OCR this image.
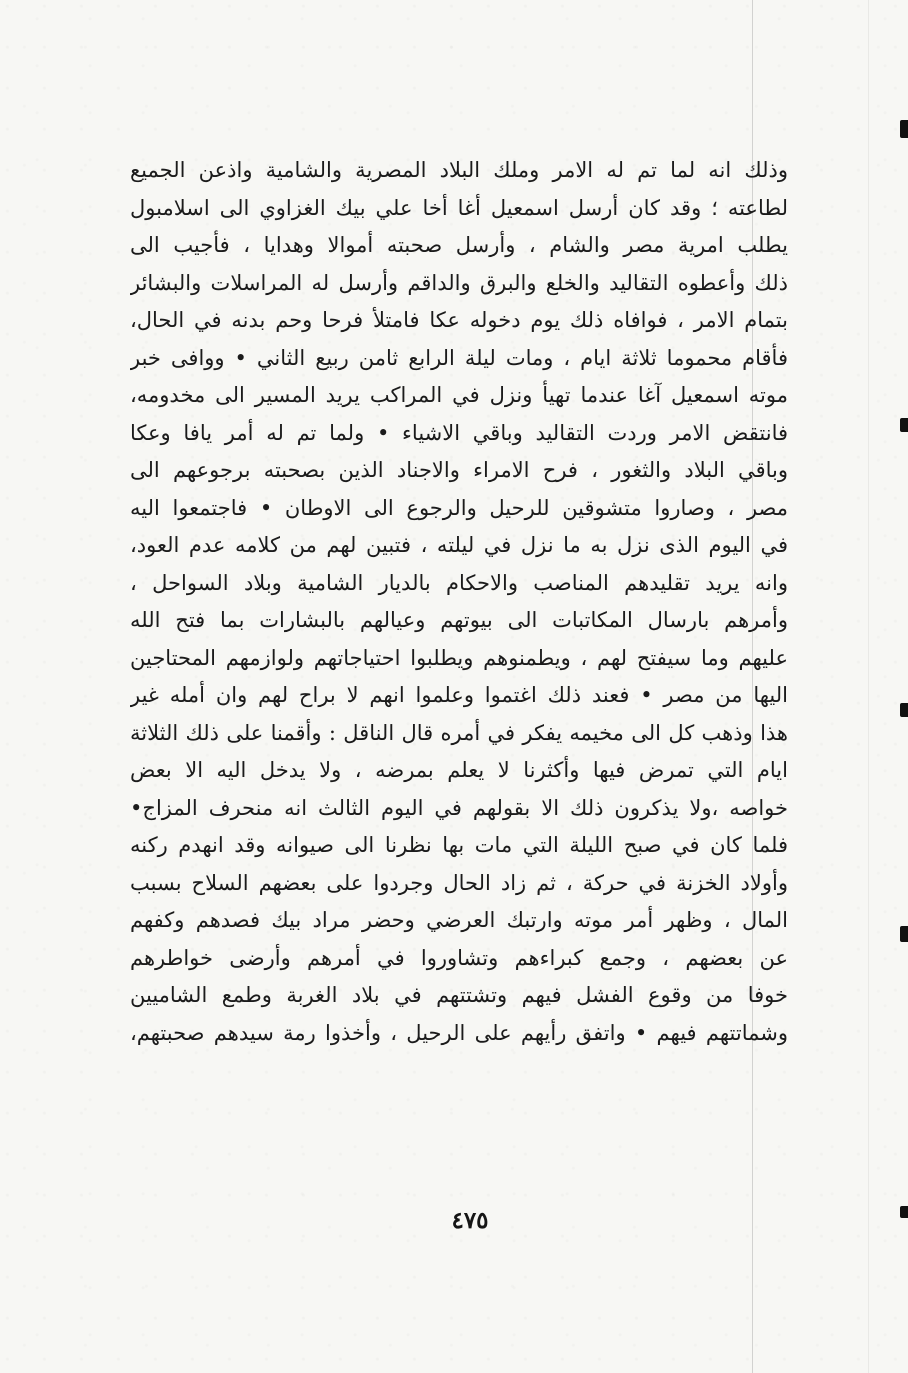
وذلك انه لما تم له الامر وملك البلاد المصرية والشامية واذعن الجميع
لطاعته ؛ وقد كان أرسل اسمعيل أغا أخا علي بيك الغزاوي الى اسلامبول
يطلب امرية مصر والشام ، وأرسل صحبته أموالا وهدايا ، فأجيب الى
ذلك وأعطوه التقاليد والخلع والبرق والداقم وأرسل له المراسلات والبشائر
بتمام الامر ، فوافاه ذلك يوم دخوله عكا فامتلأ فرحا وحم بدنه في الحال،
فأقام محموما ثلاثة ايام ، ومات ليلة الرابع ثامن ربيع الثاني • ووافى خبر
موته اسمعيل آغا عندما تهيأ ونزل في المراكب يريد المسير الى مخدومه،
فانتقض الامر وردت التقاليد وباقي الاشياء • ولما تم له أمر يافا وعكا
وباقي البلاد والثغور ، فرح الامراء والاجناد الذين بصحبته برجوعهم الى
مصر ، وصاروا متشوقين للرحيل والرجوع الى الاوطان • فاجتمعوا اليه
في اليوم الذى نزل به ما نزل في ليلته ، فتبين لهم من كلامه عدم العود،
وانه يريد تقليدهم المناصب والاحكام بالديار الشامية وبلاد السواحل ،
وأمرهم بارسال المكاتبات الى بيوتهم وعيالهم بالبشارات بما فتح الله
عليهم وما سيفتح لهم ، ويطمنوهم ويطلبوا احتياجاتهم ولوازمهم المحتاجين
اليها من مصر • فعند ذلك اغتموا وعلموا انهم لا براح لهم وان أمله غير
هذا وذهب كل الى مخيمه يفكر في أمره قال الناقل : وأقمنا على ذلك الثلاثة
ايام التي تمرض فيها وأكثرنا لا يعلم بمرضه ، ولا يدخل اليه الا بعض
خواصه ،ولا يذكرون ذلك الا بقولهم في اليوم الثالث انه منحرف المزاج•
فلما كان في صبح الليلة التي مات بها نظرنا الى صيوانه وقد انهدم ركنه
وأولاد الخزنة في حركة ، ثم زاد الحال وجردوا على بعضهم السلاح بسبب
المال ، وظهر أمر موته وارتبك العرضي وحضر مراد بيك فصدهم وكفهم
عن بعضهم ، وجمع كبراءهم وتشاوروا في أمرهم وأرضى خواطرهم
خوفا من وقوع الفشل فيهم وتشتتهم في بلاد الغربة وطمع الشاميين
وشماتتهم فيهم • واتفق رأيهم على الرحيل ، وأخذوا رمة سيدهم صحبتهم،
٤٧٥
